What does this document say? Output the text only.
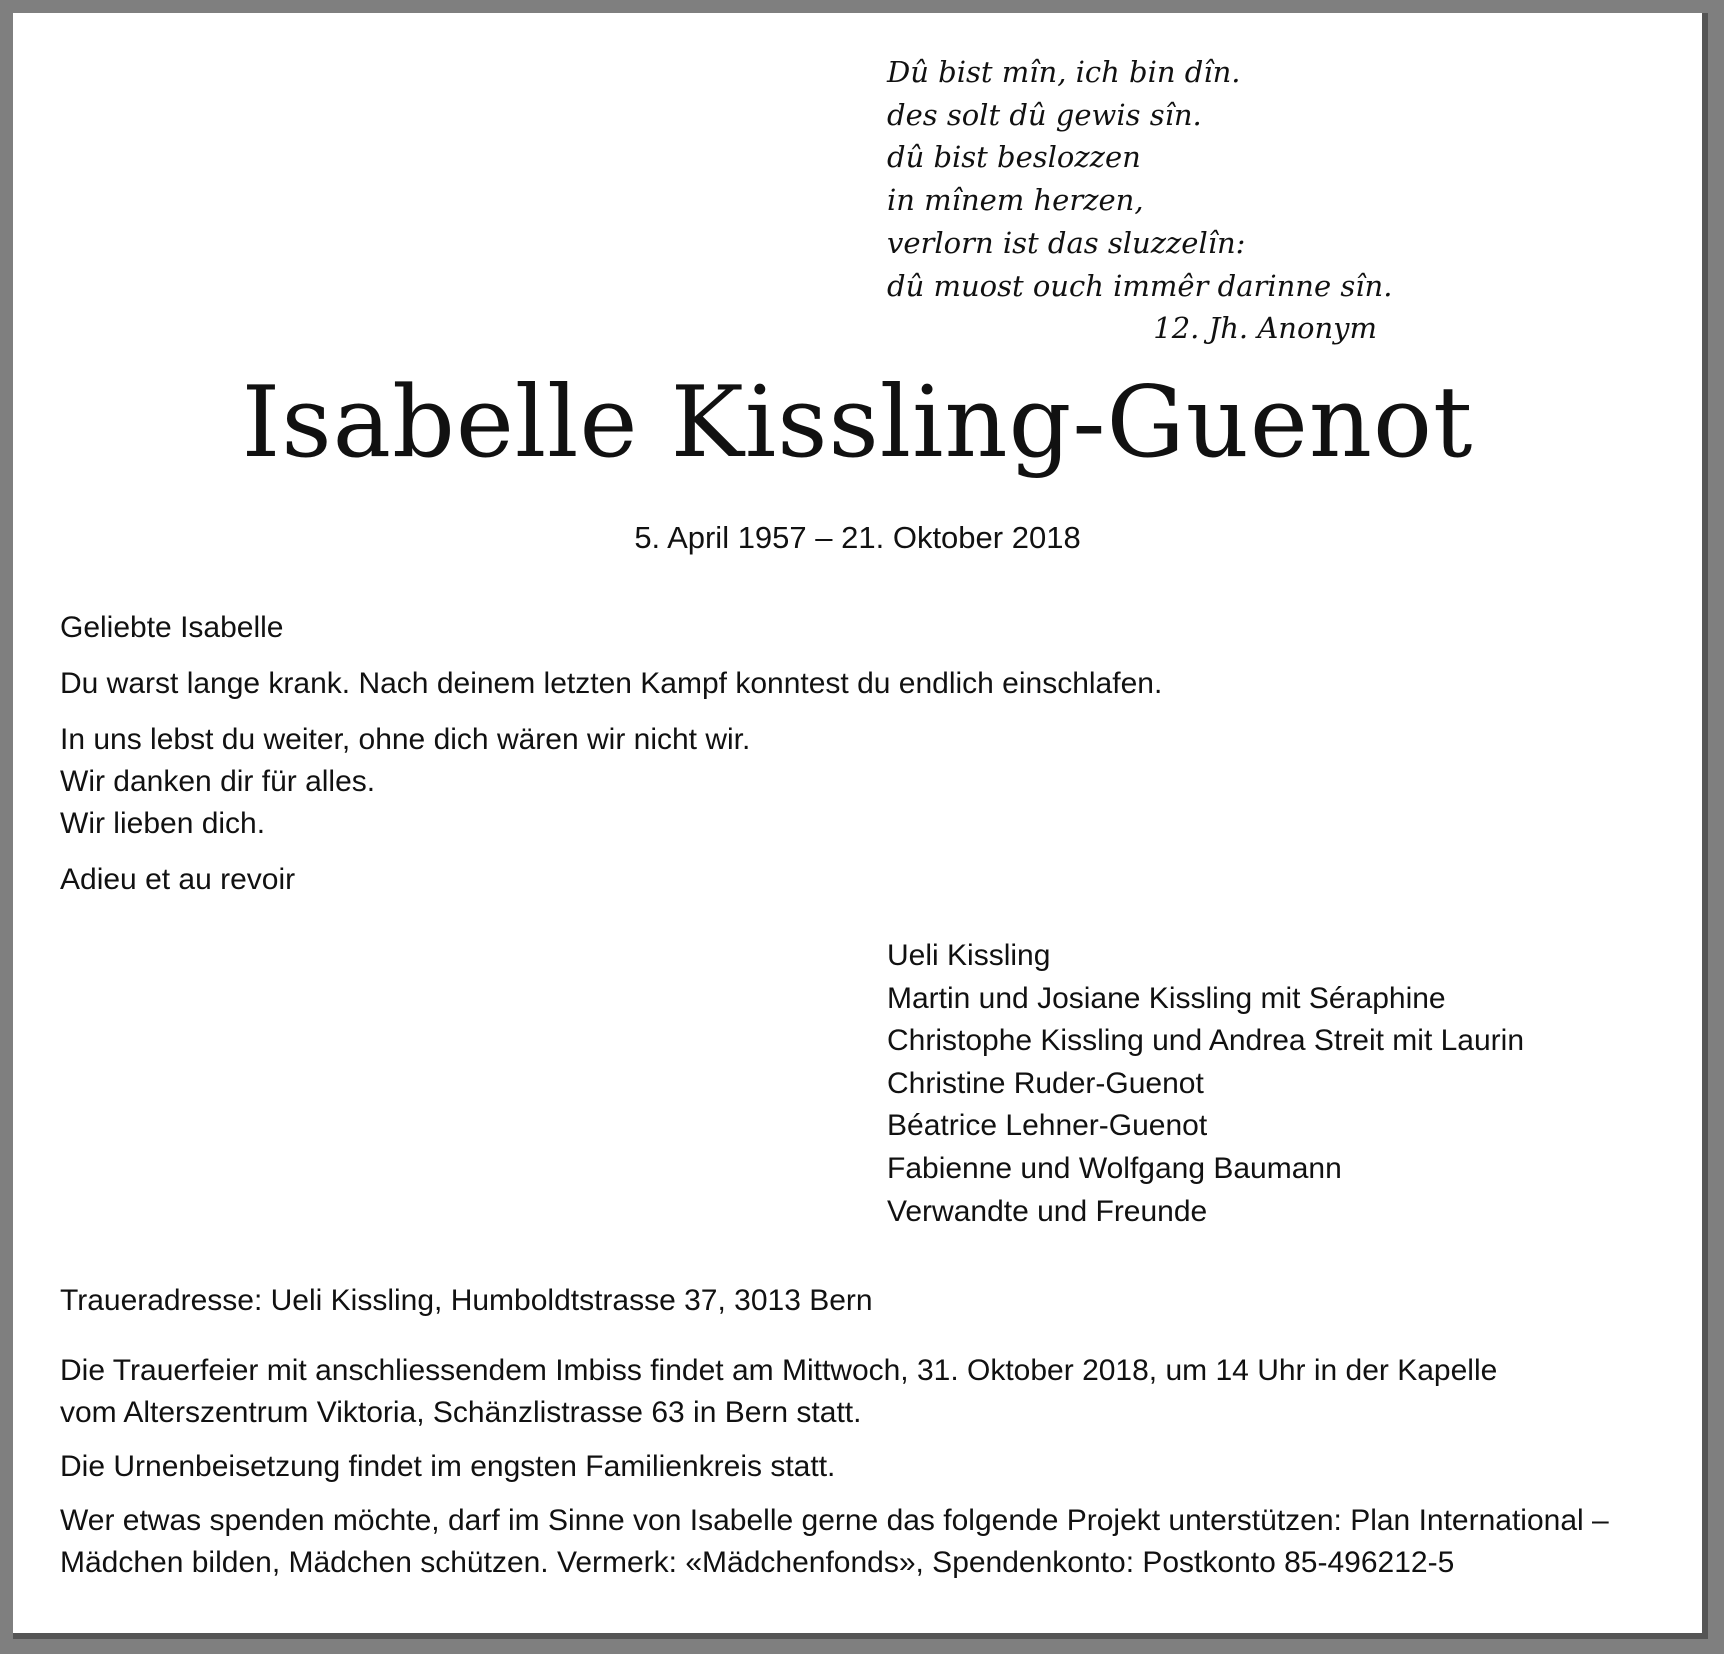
Dû bist mîn, ich bin dîn.
des solt dû gewis sîn.
dû bist beslozzen
in mînem herzen,
verlorn ist das sluzzelîn:
dû muost ouch immêr darinne sîn.
12. Jh. Anonym
Isabelle Kissling-Guenot
5. April 1957 – 21. Oktober 2018
Geliebte Isabelle
Du warst lange krank. Nach deinem letzten Kampf konntest du endlich einschlafen.
In uns lebst du weiter, ohne dich wären wir nicht wir.
Wir danken dir für alles.
Wir lieben dich.
Adieu et au revoir
Ueli Kissling
Martin und Josiane Kissling mit Séraphine
Christophe Kissling und Andrea Streit mit Laurin
Christine Ruder-Guenot
Béatrice Lehner-Guenot
Fabienne und Wolfgang Baumann
Verwandte und Freunde
Traueradresse: Ueli Kissling, Humboldtstrasse 37, 3013 Bern
Die Trauerfeier mit anschliessendem Imbiss findet am Mittwoch, 31. Oktober 2018, um 14 Uhr in der Kapelle
vom Alterszentrum Viktoria, Schänzlistrasse 63 in Bern statt.
Die Urnenbeisetzung findet im engsten Familienkreis statt.
Wer etwas spenden möchte, darf im Sinne von Isabelle gerne das folgende Projekt unterstützen: Plan International –
Mädchen bilden, Mädchen schützen. Vermerk: «Mädchenfonds», Spendenkonto: Postkonto 85-496212-5
